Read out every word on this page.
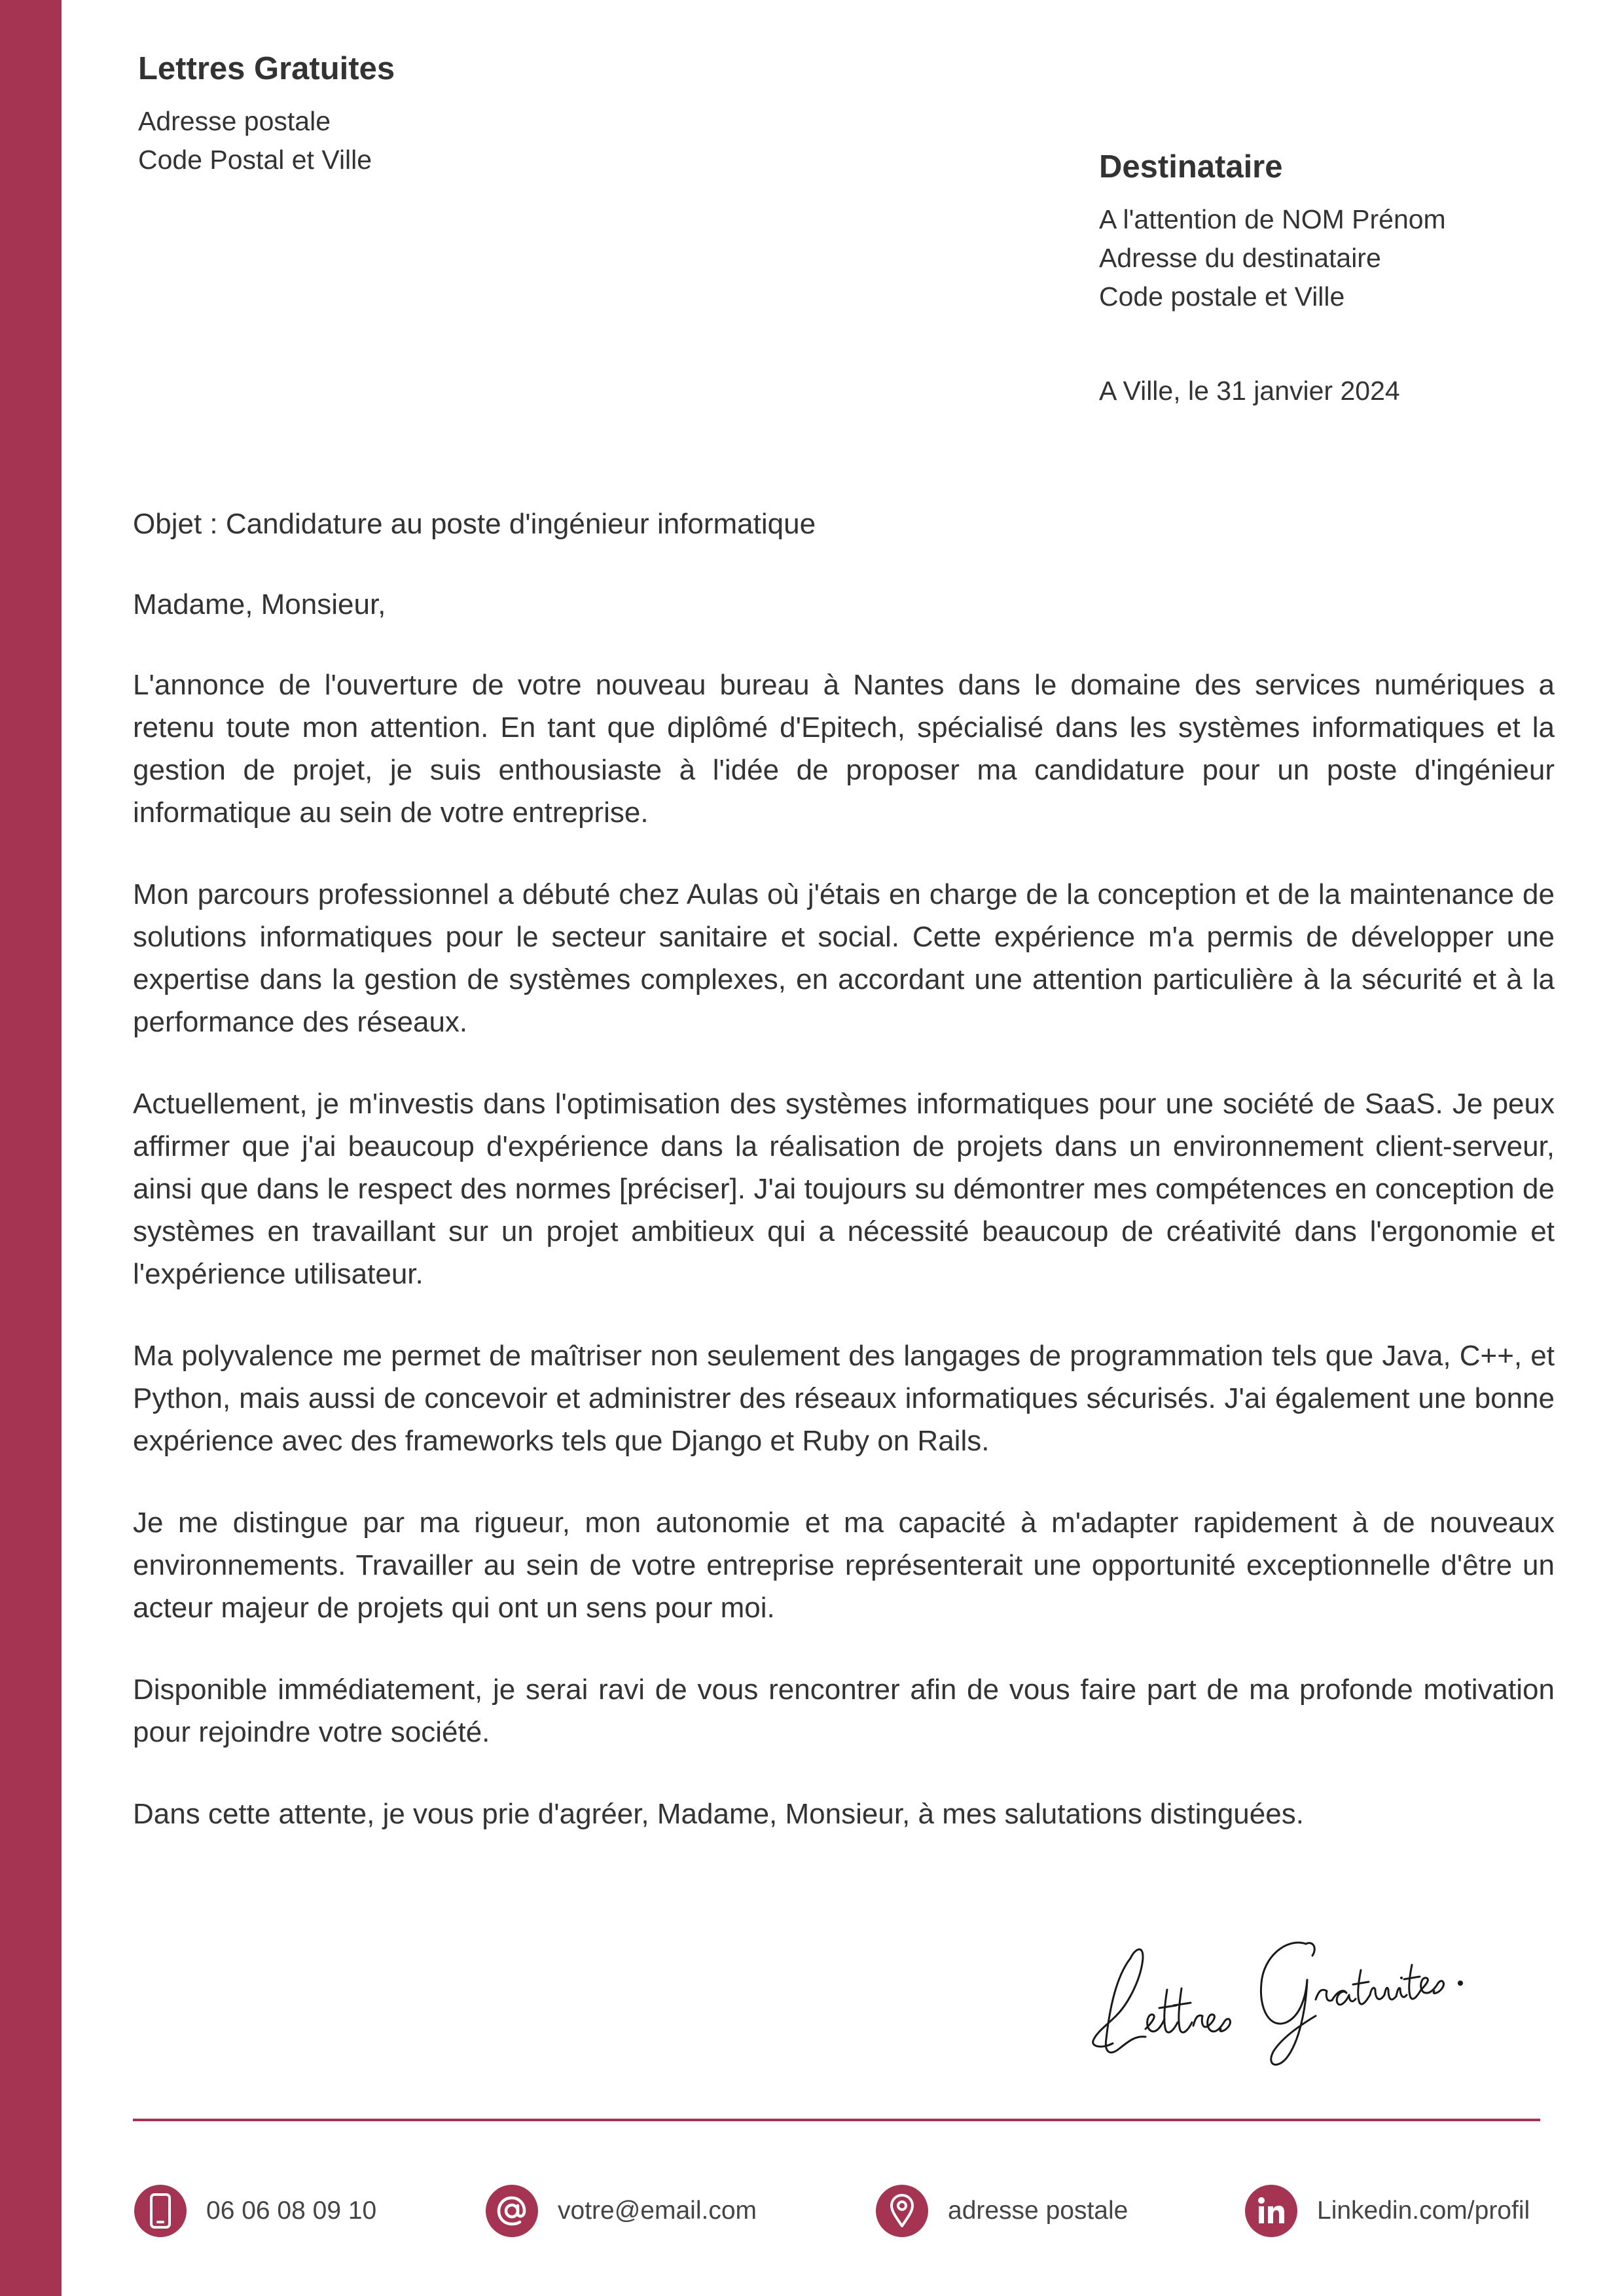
Lettres Gratuites
Adresse postale
Code Postal et Ville	Destinataire
A l'attention de NOM Prénom
Adresse du destinataire
Code postale et Ville
A Ville, le 31 janvier 2024

Objet : Candidature au poste d'ingénieur informatique

Madame, Monsieur,

L'annonce de l'ouverture de votre nouveau bureau à Nantes dans le domaine des services numériques a retenu toute mon attention. En tant que diplômé d'Epitech, spécialisé dans les systèmes informatiques et la gestion de projet, je suis enthousiaste à l'idée de proposer ma candidature pour un poste d'ingénieur informatique au sein de votre entreprise.

Mon parcours professionnel a débuté chez Aulas où j'étais en charge de la conception et de la maintenance de solutions informatiques pour le secteur sanitaire et social. Cette expérience m'a permis de développer une expertise dans la gestion de systèmes complexes, en accordant une attention particulière à la sécurité et à la performance des réseaux.

Actuellement, je m'investis dans l'optimisation des systèmes informatiques pour une société de SaaS. Je peux affirmer que j'ai beaucoup d'expérience dans la réalisation de projets dans un environnement client-serveur, ainsi que dans le respect des normes [préciser]. J'ai toujours su démontrer mes compétences en conception de systèmes en travaillant sur un projet ambitieux qui a nécessité beaucoup de créativité dans l'ergonomie et l'expérience utilisateur.

Ma polyvalence me permet de maîtriser non seulement des langages de programmation tels que Java, C++, et Python, mais aussi de concevoir et administrer des réseaux informatiques sécurisés. J'ai également une bonne expérience avec des frameworks tels que Django et Ruby on Rails.

Je me distingue par ma rigueur, mon autonomie et ma capacité à m'adapter rapidement à de nouveaux environnements. Travailler au sein de votre entreprise représenterait une opportunité exceptionnelle d'être un acteur majeur de projets qui ont un sens pour moi.

Disponible immédiatement, je serai ravi de vous rencontrer afin de vous faire part de ma profonde motivation pour rejoindre votre société.

Dans cette attente, je vous prie d'agréer, Madame, Monsieur, à mes salutations distinguées.

06 06 08 09 10	votre@email.com	adresse postale	Linkedin.com/profil
